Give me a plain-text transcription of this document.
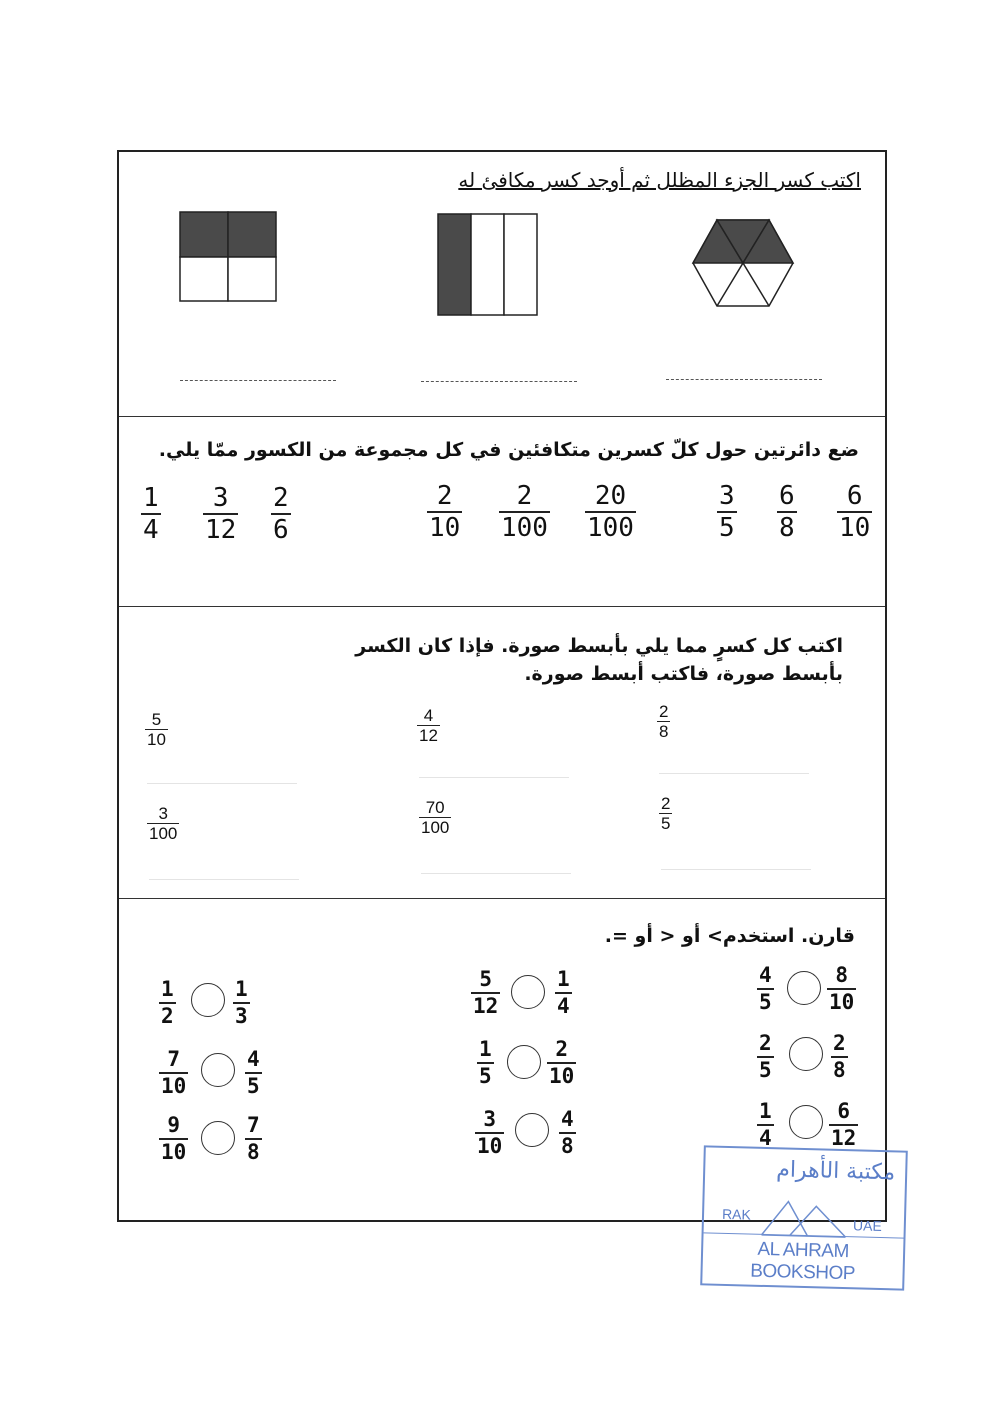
اكتب كسر الجزء المظلل ثم أوجد كسر مكافئ له
ضع دائرتين حول كلّ كسرين متكافئين في كل مجموعة من الكسور ممّا يلي.
1
4
3
12
2
6
2
10
2
100
20
100
3
5
6
8
6
10
اكتب كل كسرٍ مما يلي بأبسط صورة. فإذا كان الكسر
بأبسط صورة، فاكتب أبسط صورة.
5
10
4
12
2
8
3
100
70
100
2
5
قارن. استخدم> أو < أو =.
1
2
1
3
5
12
1
4
4
5
8
10
7
10
4
5
1
5
2
10
2
5
2
8
9
10
7
8
3
10
4
8
1
4
6
12
مكتبة الأهرام
RAK
UAE
AL AHRAM BOOKSHOP
